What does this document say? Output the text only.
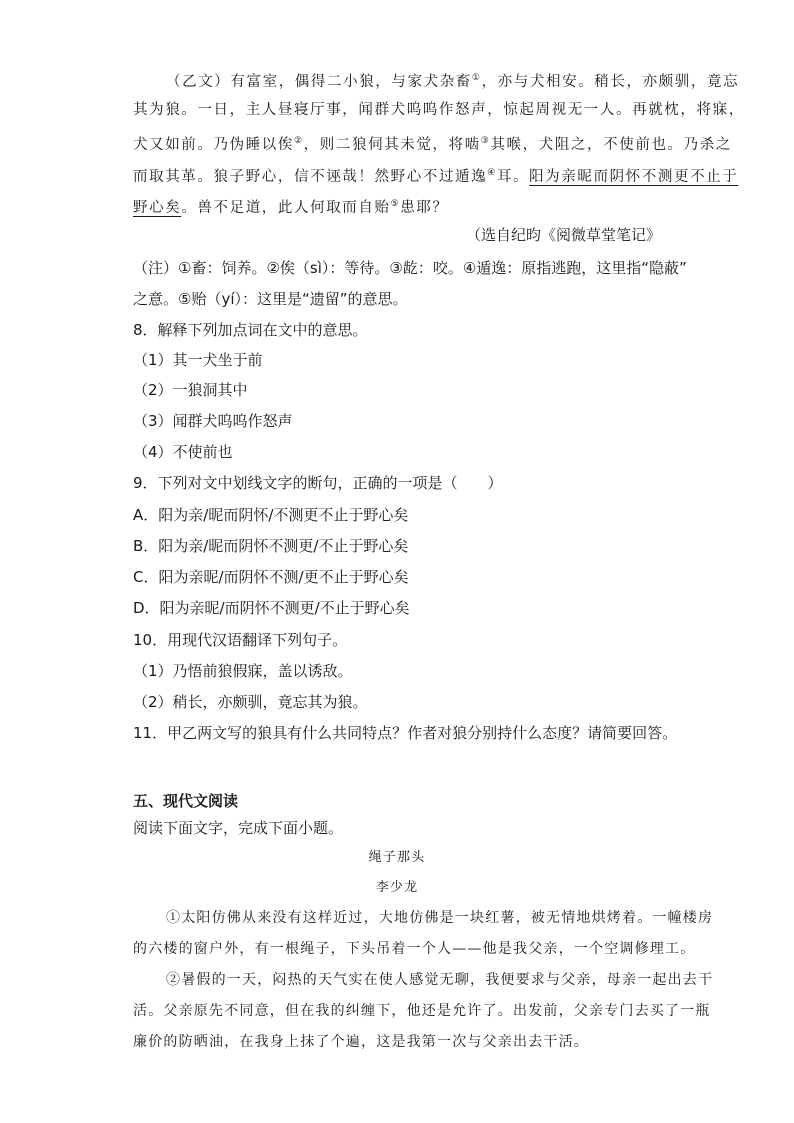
（乙文）有富室，偶得二小狼，与家犬杂畜①，亦与犬相安。稍长，亦颇驯，竟忘
其为狼。一日，主人昼寝厅事，闻群犬呜呜作怒声，惊起周视无一人。再就枕，将寐，
犬又如前。乃伪睡以俟②，则二狼伺其未觉，将啮③其喉，犬阻之，不使前也。乃杀之
而取其革。狼子野心，信不诬哉！然野心不过遁逸④耳。阳为亲昵而阴怀不测更不止于
野心矣。兽不足道，此人何取而自贻⑤患耶？
（选自纪昀《阅微草堂笔记》
（注）①畜：饲养。②俟（sì）：等待。③龁：咬。④遁逸：原指逃跑，这里指“隐蔽”
之意。⑤贻（yí）：这里是“遗留”的意思。
8．解释下列加点词在文中的意思。
（1）其一犬坐于前
（2）一狼洞其中
（3）闻群犬呜呜作怒声
（4）不使前也
9．下列对文中划线文字的断句，正确的一项是（　　）
A．阳为亲/昵而阴怀/不测更不止于野心矣
B．阳为亲/昵而阴怀不测更/不止于野心矣
C．阳为亲昵/而阴怀不测/更不止于野心矣
D．阳为亲昵/而阴怀不测更/不止于野心矣
10．用现代汉语翻译下列句子。
（1）乃悟前狼假寐，盖以诱敌。
（2）稍长，亦颇驯，竟忘其为狼。
11．甲乙两文写的狼具有什么共同特点？作者对狼分别持什么态度？请简要回答。
五、现代文阅读
阅读下面文字，完成下面小题。
绳子那头
李少龙
①太阳仿佛从来没有这样近过，大地仿佛是一块红薯，被无情地烘烤着。一幢楼房
的六楼的窗户外，有一根绳子，下头吊着一个人——他是我父亲，一个空调修理工。
②暑假的一天，闷热的天气实在使人感觉无聊，我便要求与父亲，母亲一起出去干
活。父亲原先不同意，但在我的纠缠下，他还是允许了。出发前，父亲专门去买了一瓶
廉价的防晒油，在我身上抹了个遍，这是我第一次与父亲出去干活。
